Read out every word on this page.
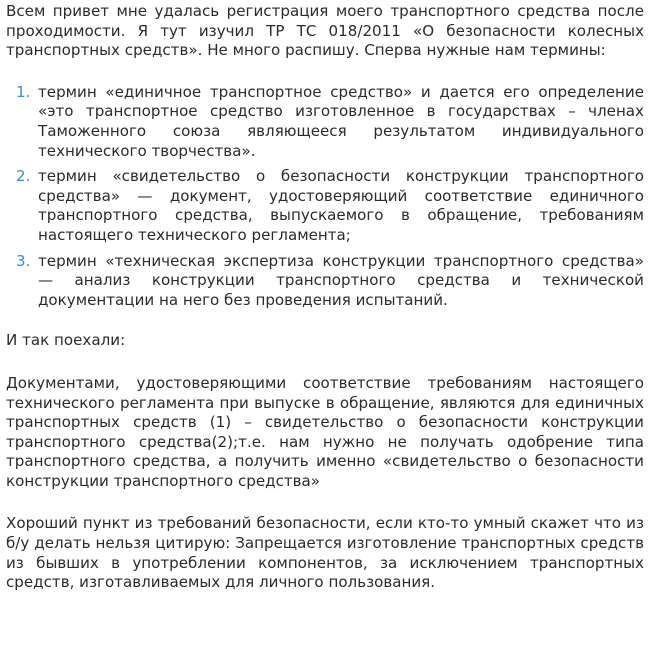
Всем привет мне удалась регистрация моего транспортного средства после проходимости. Я тут изучил ТР ТС 018/2011 «О безопасности колесных транспортных средств». Не много распишу. Сперва нужные нам термины:

1. термин «единичное транспортное средство» и дается его определение «это транспортное средство изготовленное в государствах – членах Таможенного союза являющееся результатом индивидуального технического творчества».
2. термин «свидетельство о безопасности конструкции транспортного средства» — документ, удостоверяющий соответствие единичного транспортного средства, выпускаемого в обращение, требованиям настоящего технического регламента;
3. термин «техническая экспертиза конструкции транспортного средства» — анализ конструкции транспортного средства и технической документации на него без проведения испытаний.

И так поехали:

Документами, удостоверяющими соответствие требованиям настоящего технического регламента при выпуске в обращение, являются для единичных транспортных средств (1) – свидетельство о безопасности конструкции транспортного средства(2);т.е. нам нужно не получать одобрение типа транспортного средства, а получить именно «свидетельство о безопасности конструкции транспортного средства»

Хороший пункт из требований безопасности, если кто-то умный скажет что из б/у делать нельзя цитирую: Запрещается изготовление транспортных средств из бывших в употреблении компонентов, за исключением транспортных средств, изготавливаемых для личного пользования.
